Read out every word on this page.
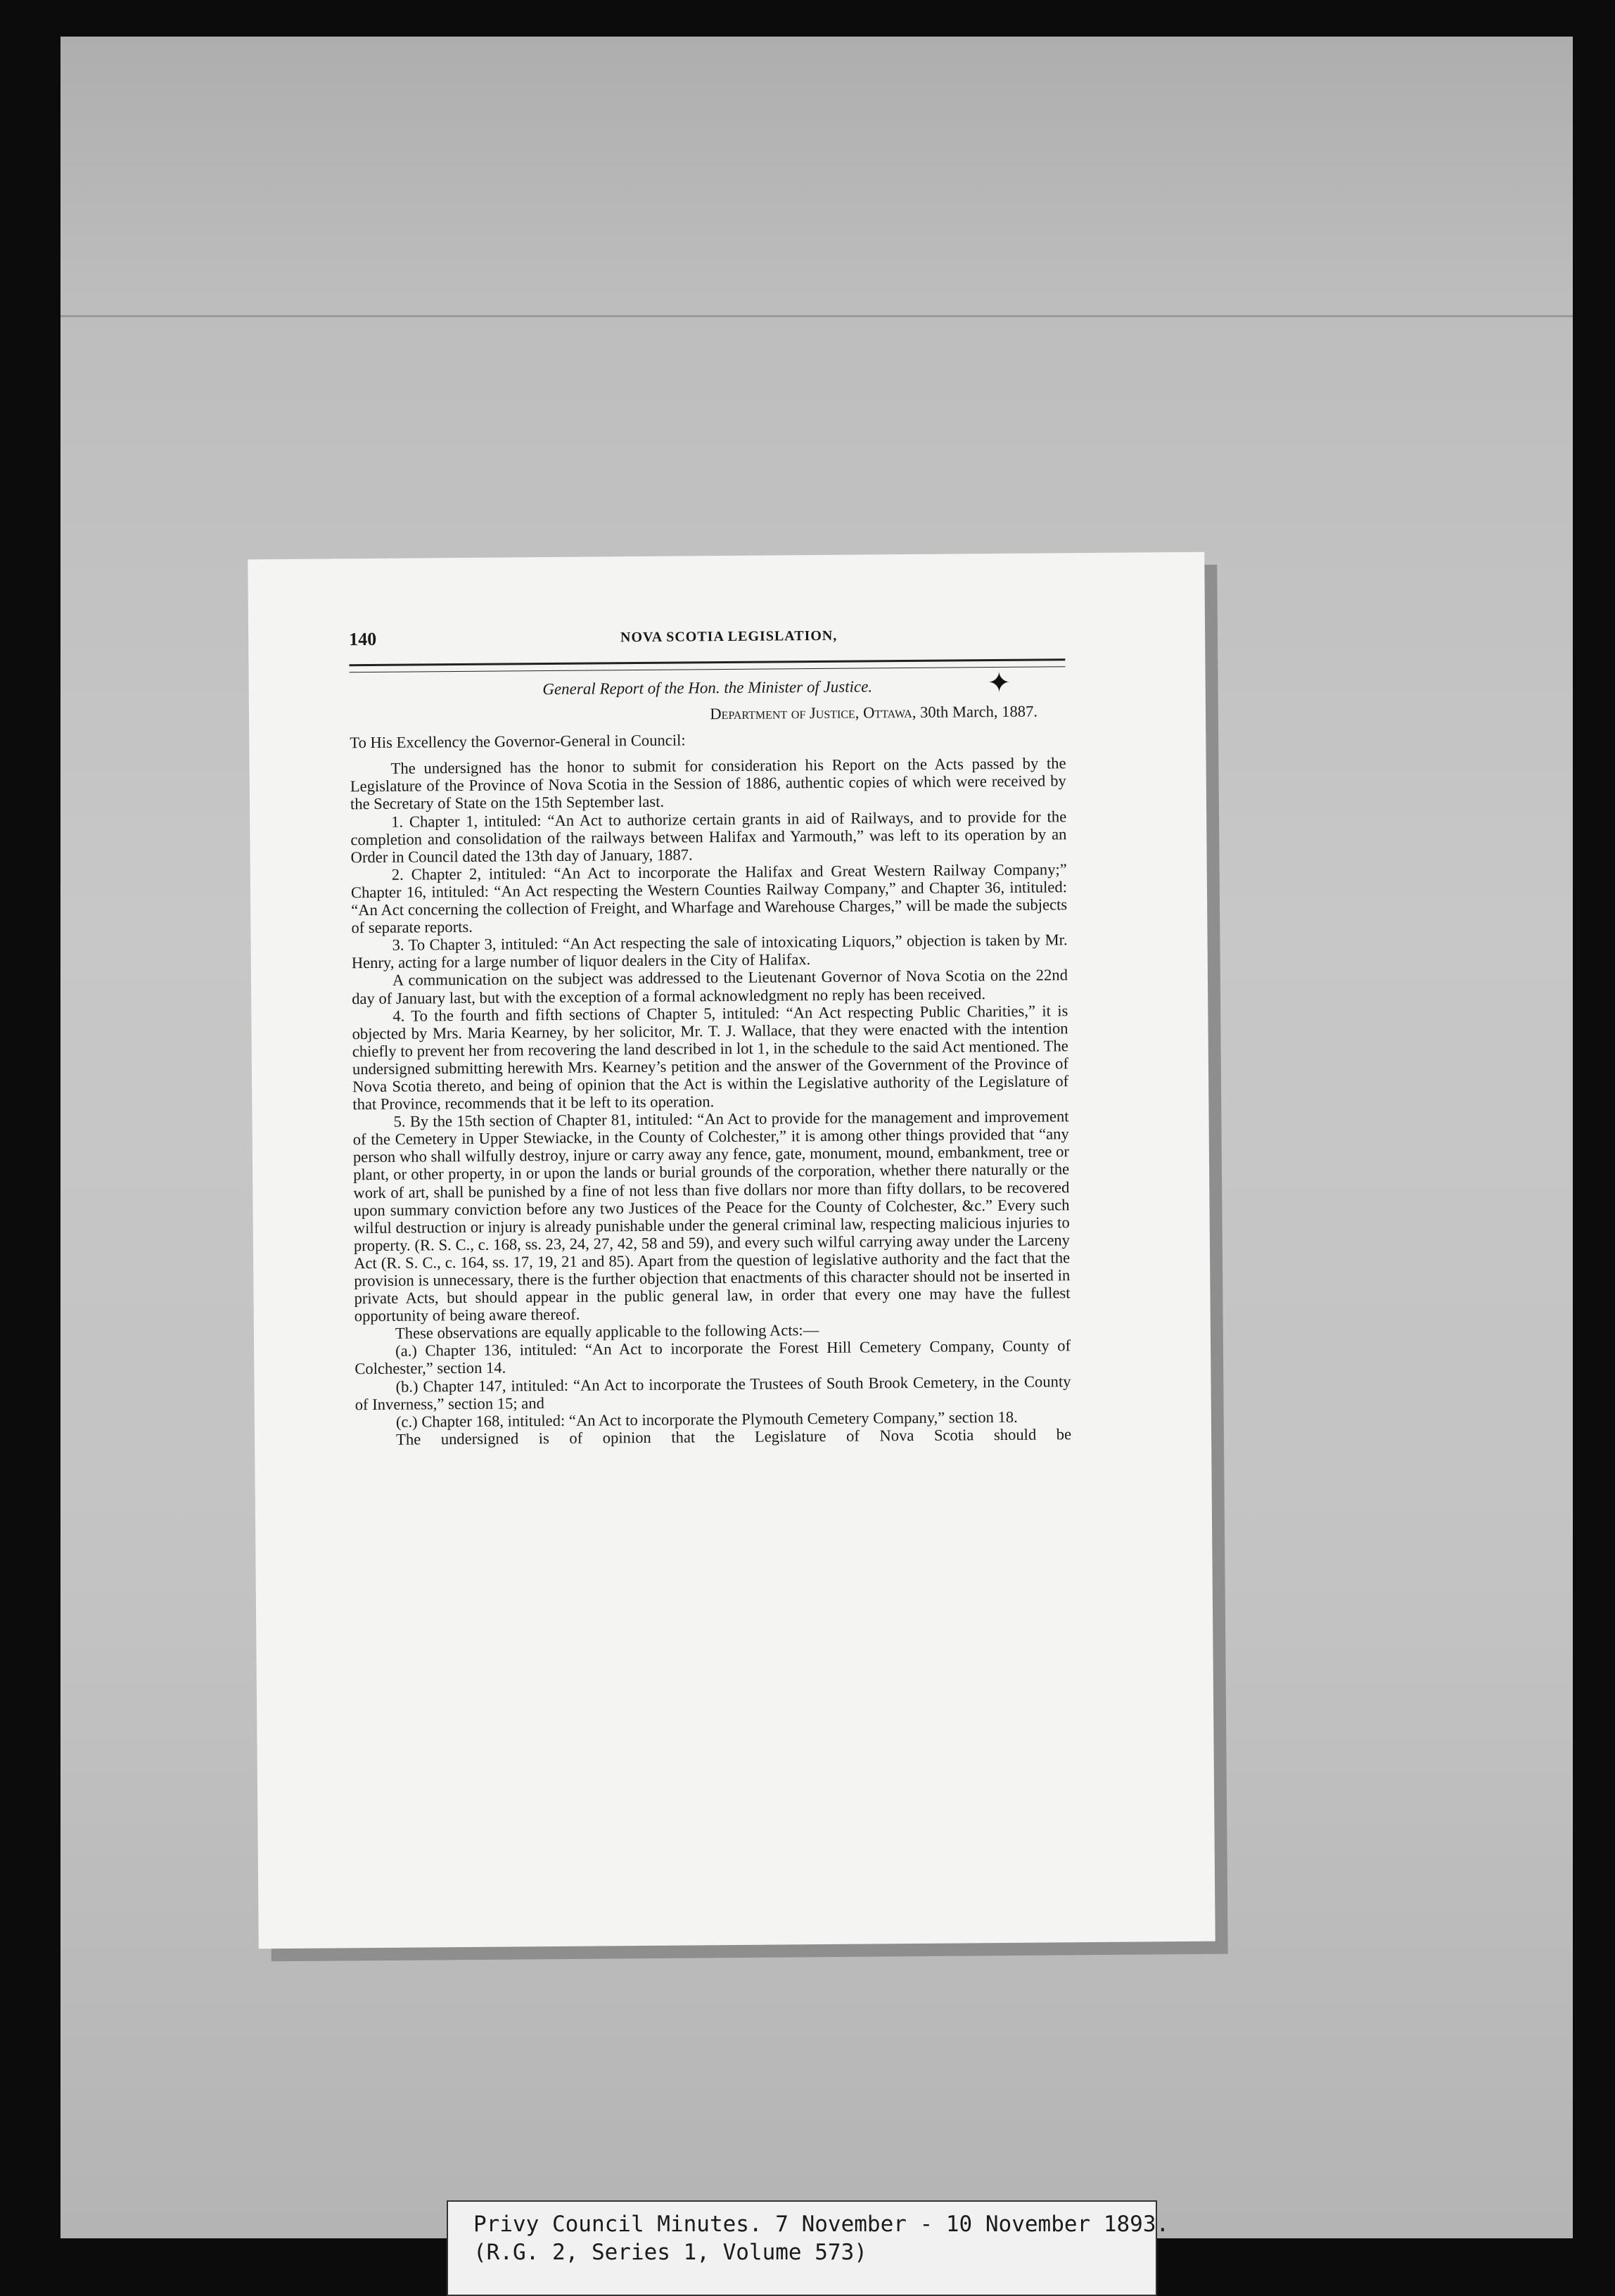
140	NOVA SCOTIA LEGISLATION,
✦
General Report of the Hon. the Minister of Justice.
Department of Justice, Ottawa, 30th March, 1887.
To His Excellency the Governor-General in Council:

The undersigned has the honor to submit for consideration his Report on the Acts passed by the Legislature of the Province of Nova Scotia in the Session of 1886, authentic copies of which were received by the Secretary of State on the 15th September last.

1. Chapter 1, intituled: “An Act to authorize certain grants in aid of Railways, and to provide for the completion and consolidation of the railways between Halifax and Yarmouth,” was left to its operation by an Order in Council dated the 13th day of January, 1887.

2. Chapter 2, intituled: “An Act to incorporate the Halifax and Great Western Railway Company;” Chapter 16, intituled: “An Act respecting the Western Counties Railway Company,” and Chapter 36, intituled: “An Act concerning the collection of Freight, and Wharfage and Warehouse Charges,” will be made the subjects of separate reports.

3. To Chapter 3, intituled: “An Act respecting the sale of intoxicating Liquors,” objection is taken by Mr. Henry, acting for a large number of liquor dealers in the City of Halifax.

A communication on the subject was addressed to the Lieutenant Governor of Nova Scotia on the 22nd day of January last, but with the exception of a formal acknowledgment no reply has been received.

4. To the fourth and fifth sections of Chapter 5, intituled: “An Act respecting Public Charities,” it is objected by Mrs. Maria Kearney, by her solicitor, Mr. T. J. Wallace, that they were enacted with the intention chiefly to prevent her from recovering the land described in lot 1, in the schedule to the said Act mentioned. The undersigned submitting herewith Mrs. Kearney’s petition and the answer of the Government of the Province of Nova Scotia thereto, and being of opinion that the Act is within the Legislative authority of the Legislature of that Province, recommends that it be left to its operation.

5. By the 15th section of Chapter 81, intituled: “An Act to provide for the management and improvement of the Cemetery in Upper Stewiacke, in the County of Colchester,” it is among other things provided that “any person who shall wilfully destroy, injure or carry away any fence, gate, monument, mound, embankment, tree or plant, or other property, in or upon the lands or burial grounds of the corporation, whether there naturally or the work of art, shall be punished by a fine of not less than five dollars nor more than fifty dollars, to be recovered upon summary conviction before any two Justices of the Peace for the County of Colchester, &c.” Every such wilful destruction or injury is already punishable under the general criminal law, respecting malicious injuries to property. (R. S. C., c. 168, ss. 23, 24, 27, 42, 58 and 59), and every such wilful carrying away under the Larceny Act (R. S. C., c. 164, ss. 17, 19, 21 and 85). Apart from the question of legislative authority and the fact that the provision is unnecessary, there is the further objection that enactments of this character should not be inserted in private Acts, but should appear in the public general law, in order that every one may have the fullest opportunity of being aware thereof.

These observations are equally applicable to the following Acts:—

(a.) Chapter 136, intituled: “An Act to incorporate the Forest Hill Cemetery Company, County of Colchester,” section 14.

(b.) Chapter 147, intituled: “An Act to incorporate the Trustees of South Brook Cemetery, in the County of Inverness,” section 15; and

(c.) Chapter 168, intituled: “An Act to incorporate the Plymouth Cemetery Company,” section 18.

The undersigned is of opinion that the Legislature of Nova Scotia should be

Privy Council Minutes. 7 November - 10 November 1893.
(R.G. 2, Series 1, Volume 573)
